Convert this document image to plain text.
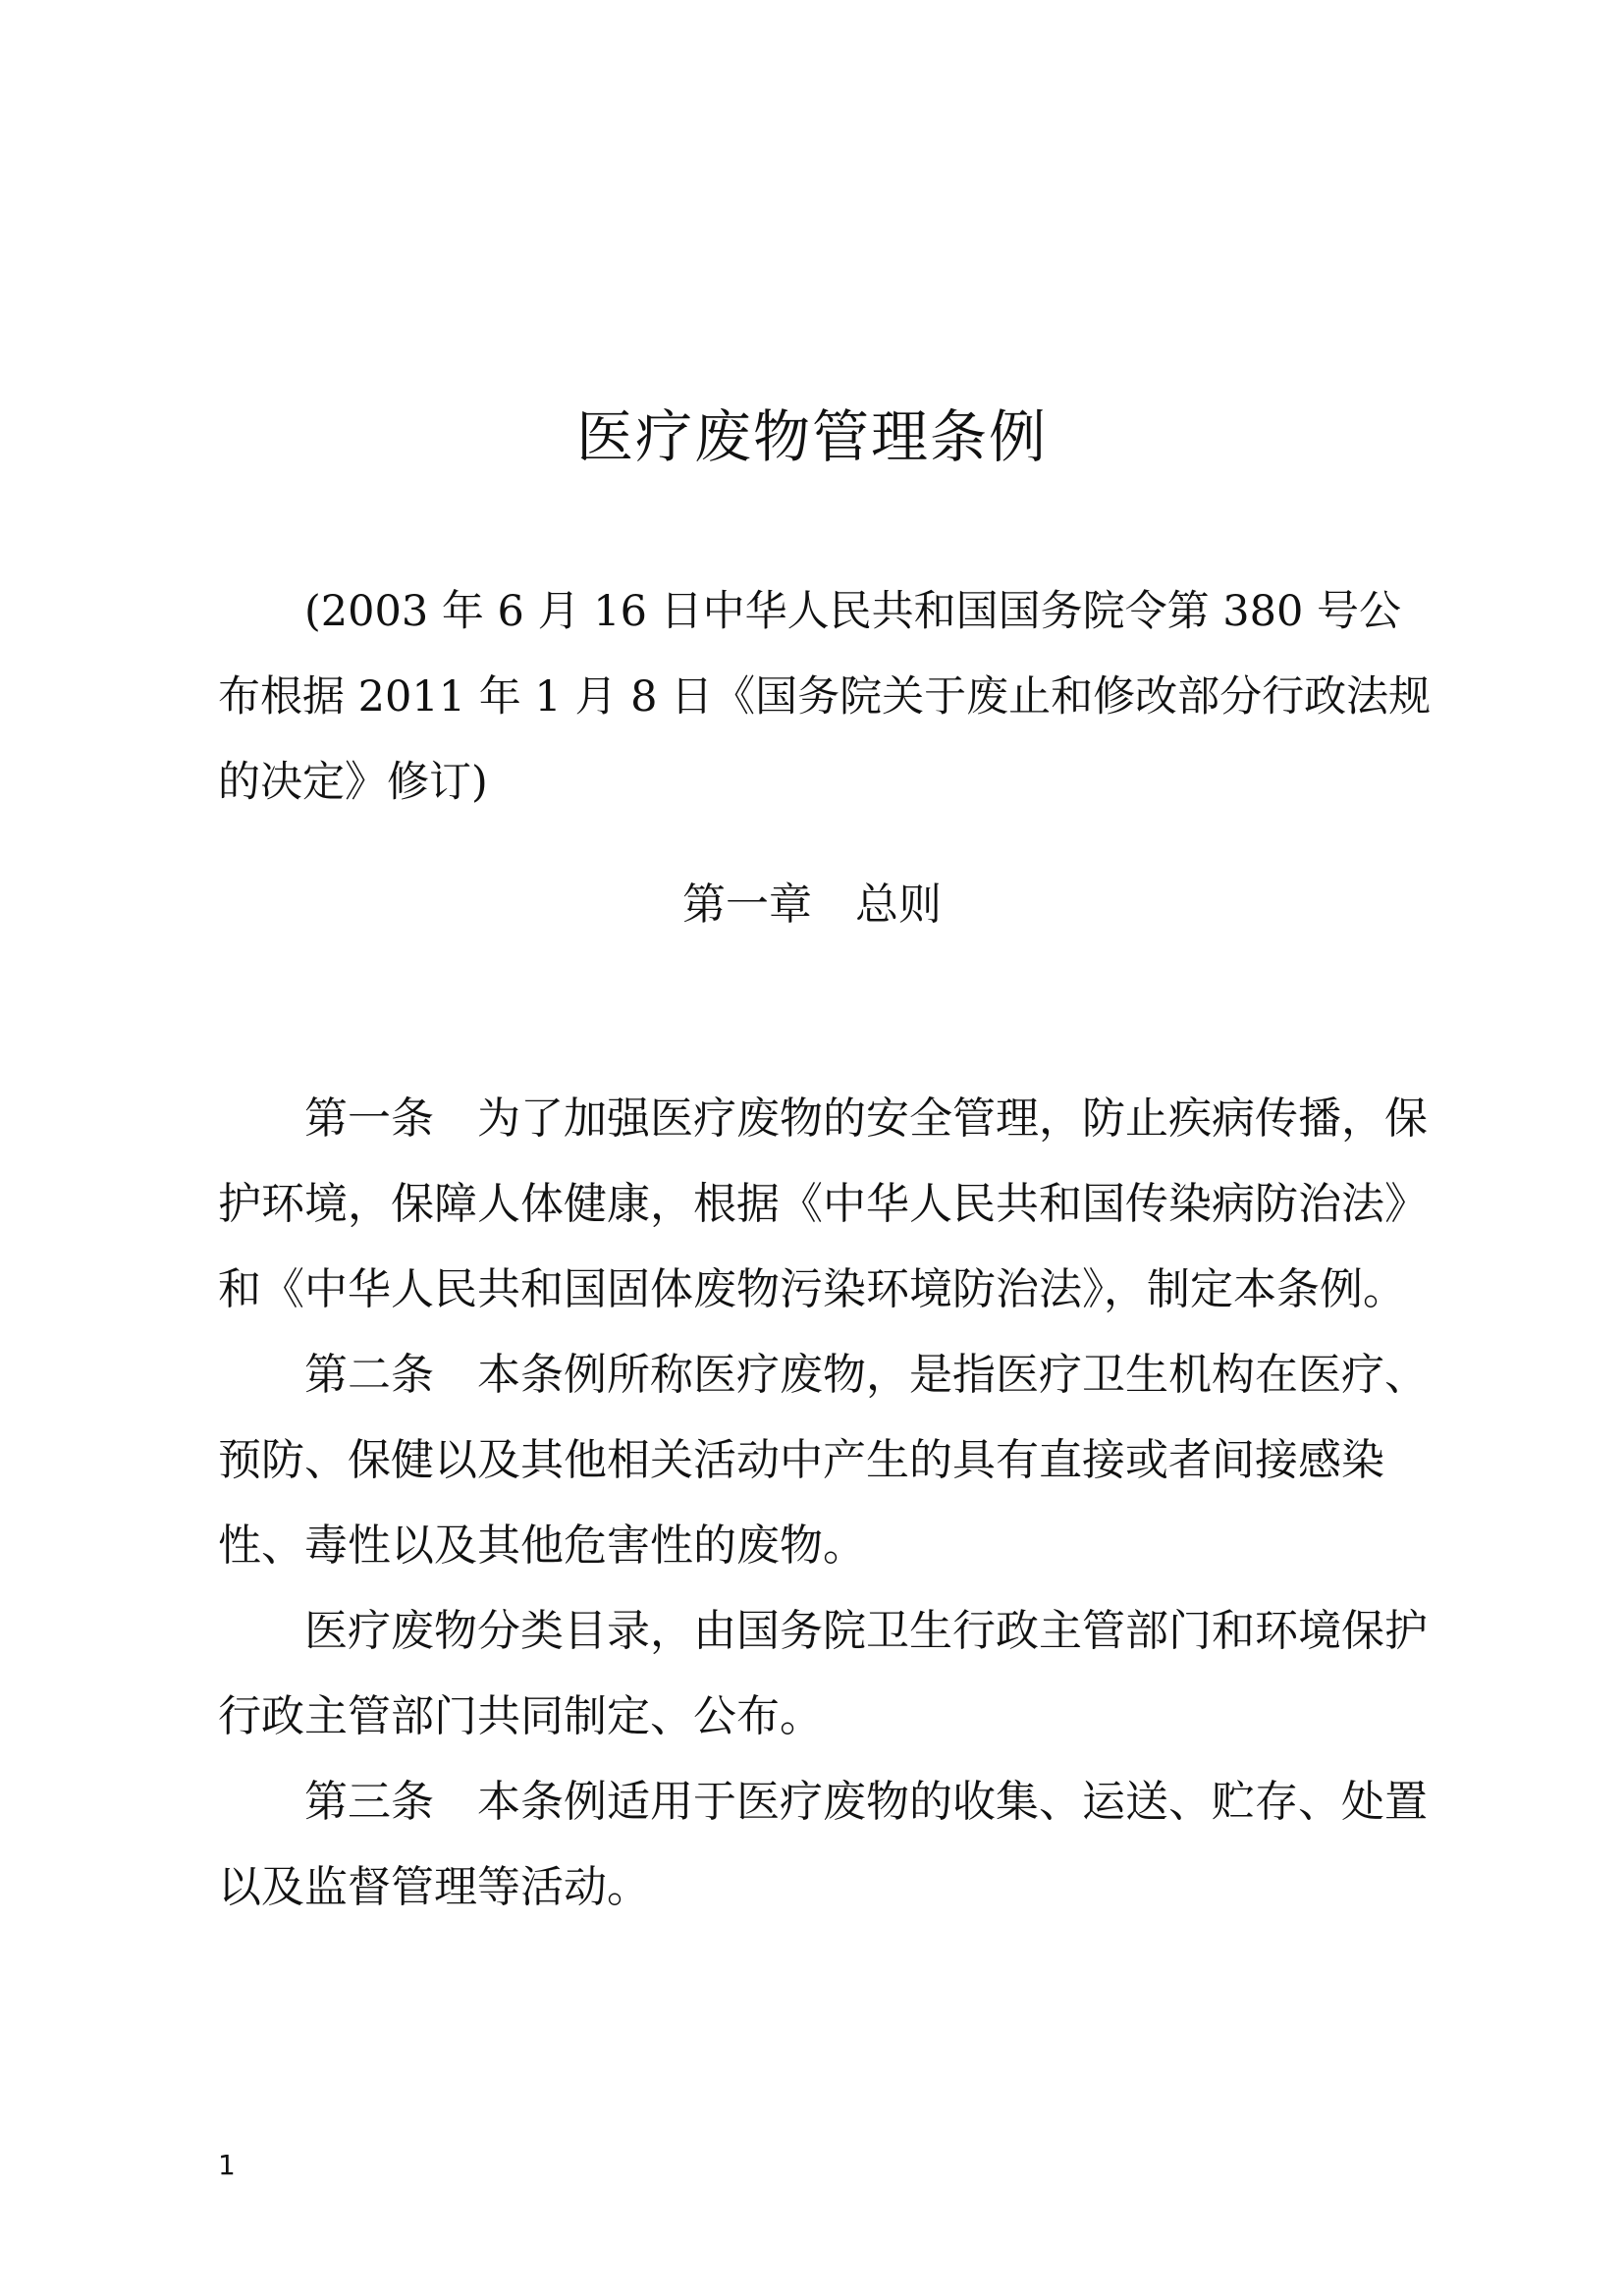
医疗废物管理条例
(2003 年 6 月 16 日中华人民共和国国务院令第 380 号公布根据 2011 年 1 月 8 日《国务院关于废止和修改部分行政法规的决定》修订)
第一章 总则

第一条 为了加强医疗废物的安全管理，防止疾病传播，保护环境，保障人体健康，根据《中华人民共和国传染病防治法》和《中华人民共和国固体废物污染环境防治法》，制定本条例。

第二条 本条例所称医疗废物，是指医疗卫生机构在医疗、预防、保健以及其他相关活动中产生的具有直接或者间接感染性、毒性以及其他危害性的废物。

医疗废物分类目录，由国务院卫生行政主管部门和环境保护行政主管部门共同制定、公布。

第三条 本条例适用于医疗废物的收集、运送、贮存、处置以及监督管理等活动。

1
